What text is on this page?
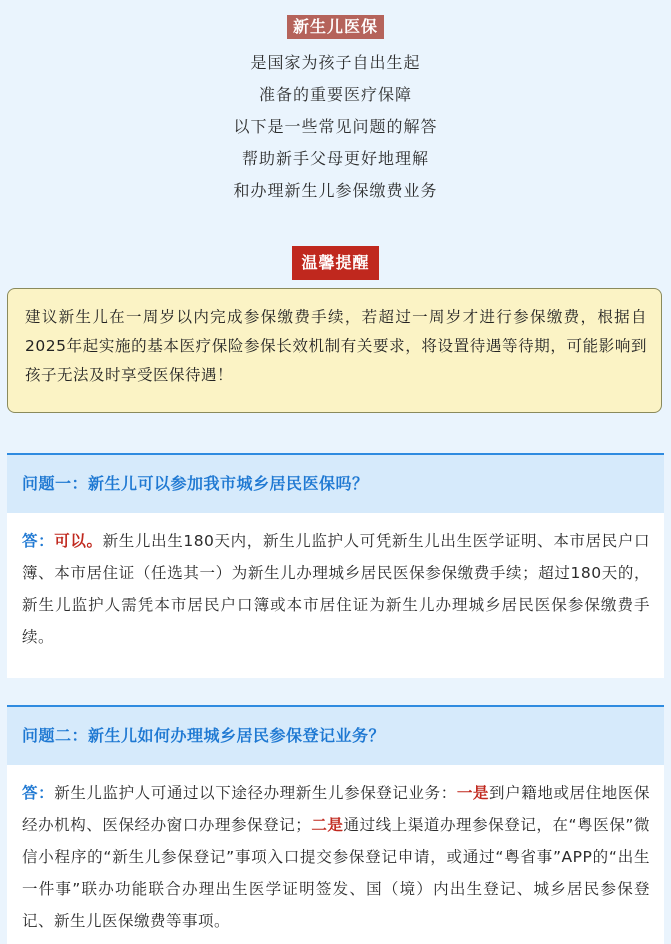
新生儿医保
是国家为孩子自出生起
准备的重要医疗保障
以下是一些常见问题的解答
帮助新手父母更好地理解
和办理新生儿参保缴费业务
温馨提醒
建议新生儿在一周岁以内完成参保缴费手续，若超过一周岁才进行参保缴费，根据自2025年起实施的基本医疗保险参保长效机制有关要求，将设置待遇等待期，可能影响到孩子无法及时享受医保待遇！
问题一：新生儿可以参加我市城乡居民医保吗？
答：可以。新生儿出生180天内，新生儿监护人可凭新生儿出生医学证明、本市居民户口簿、本市居住证（任选其一）为新生儿办理城乡居民医保参保缴费手续；超过180天的，新生儿监护人需凭本市居民户口簿或本市居住证为新生儿办理城乡居民医保参保缴费手续。
问题二：新生儿如何办理城乡居民参保登记业务？
答：新生儿监护人可通过以下途径办理新生儿参保登记业务：一是到户籍地或居住地医保经办机构、医保经办窗口办理参保登记；二是通过线上渠道办理参保登记，在“粤医保”微信小程序的“新生儿参保登记”事项入口提交参保登记申请，或通过“粤省事”APP的“出生一件事”联办功能联合办理出生医学证明签发、国（境）内出生登记、城乡居民参保登记、新生儿医保缴费等事项。
